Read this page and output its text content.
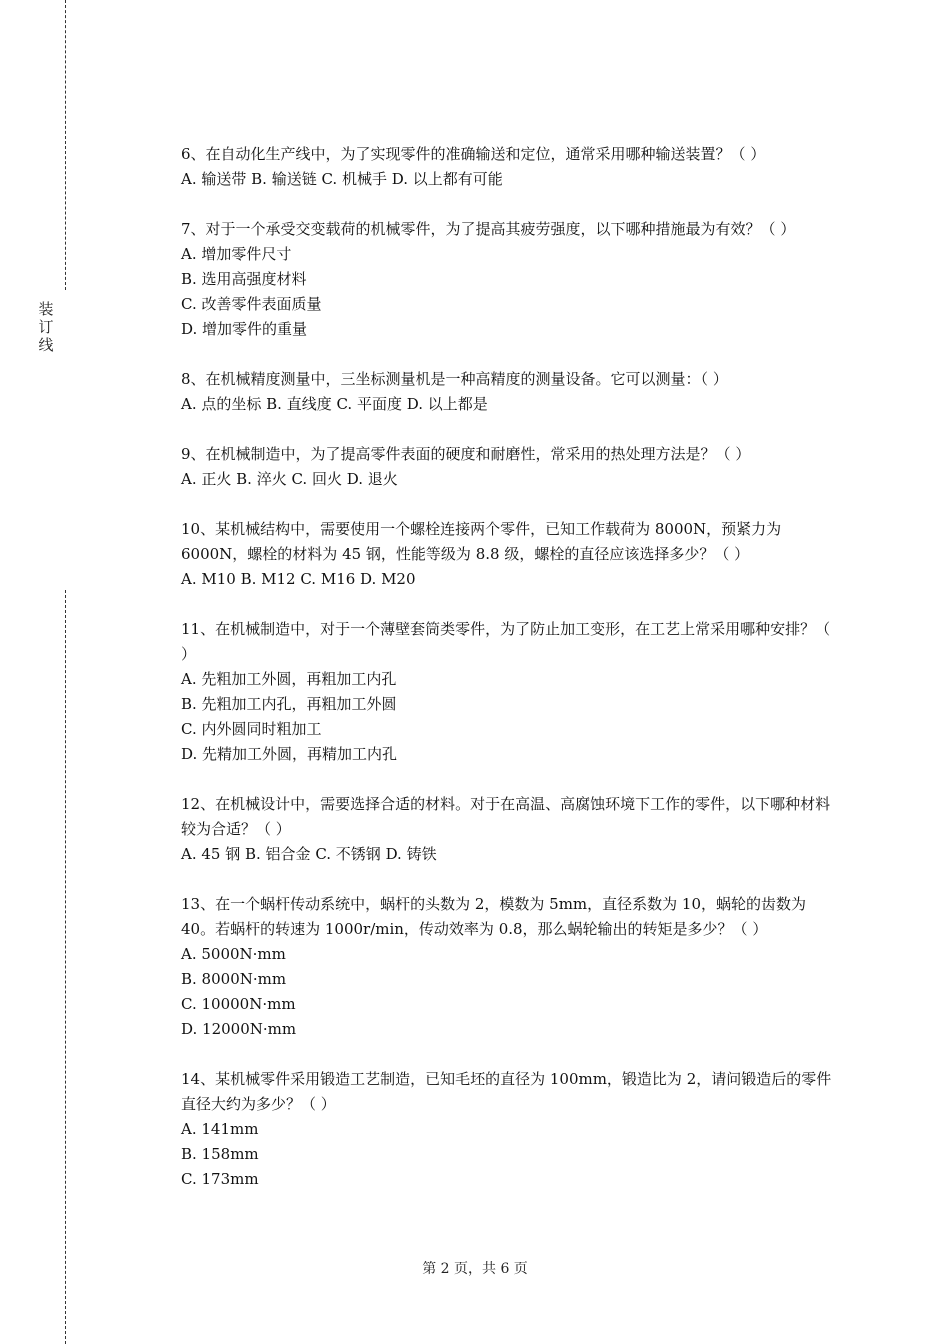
装
订
线

6、在自动化生产线中，为了实现零件的准确输送和定位，通常采用哪种输送装置？（ ）

A. 输送带 B. 输送链 C. 机械手 D. 以上都有可能

7、对于一个承受交变载荷的机械零件，为了提高其疲劳强度，以下哪种措施最为有效？（ ）

A. 增加零件尺寸

B. 选用高强度材料

C. 改善零件表面质量

D. 增加零件的重量

8、在机械精度测量中，三坐标测量机是一种高精度的测量设备。它可以测量：（ ）

A. 点的坐标 B. 直线度 C. 平面度 D. 以上都是

9、在机械制造中，为了提高零件表面的硬度和耐磨性，常采用的热处理方法是？（ ）

A. 正火 B. 淬火 C. 回火 D. 退火

10、某机械结构中，需要使用一个螺栓连接两个零件，已知工作载荷为 8000N，预紧力为 6000N，螺栓的材料为 45 钢，性能等级为 8.8 级，螺栓的直径应该选择多少？（ ）

A. M10 B. M12 C. M16 D. M20

11、在机械制造中，对于一个薄壁套筒类零件，为了防止加工变形，在工艺上常采用哪种安排？（ ）

A. 先粗加工外圆，再粗加工内孔

B. 先粗加工内孔，再粗加工外圆

C. 内外圆同时粗加工

D. 先精加工外圆，再精加工内孔

12、在机械设计中，需要选择合适的材料。对于在高温、高腐蚀环境下工作的零件，以下哪种材料较为合适？（ ）

A. 45 钢 B. 铝合金 C. 不锈钢 D. 铸铁

13、在一个蜗杆传动系统中，蜗杆的头数为 2，模数为 5mm，直径系数为 10，蜗轮的齿数为 40。若蜗杆的转速为 1000r/min，传动效率为 0.8，那么蜗轮输出的转矩是多少？（ ）

A. 5000N·mm

B. 8000N·mm

C. 10000N·mm

D. 12000N·mm

14、某机械零件采用锻造工艺制造，已知毛坯的直径为 100mm，锻造比为 2，请问锻造后的零件直径大约为多少？（ ）

A. 141mm

B. 158mm

C. 173mm

第 2 页，共 6 页
